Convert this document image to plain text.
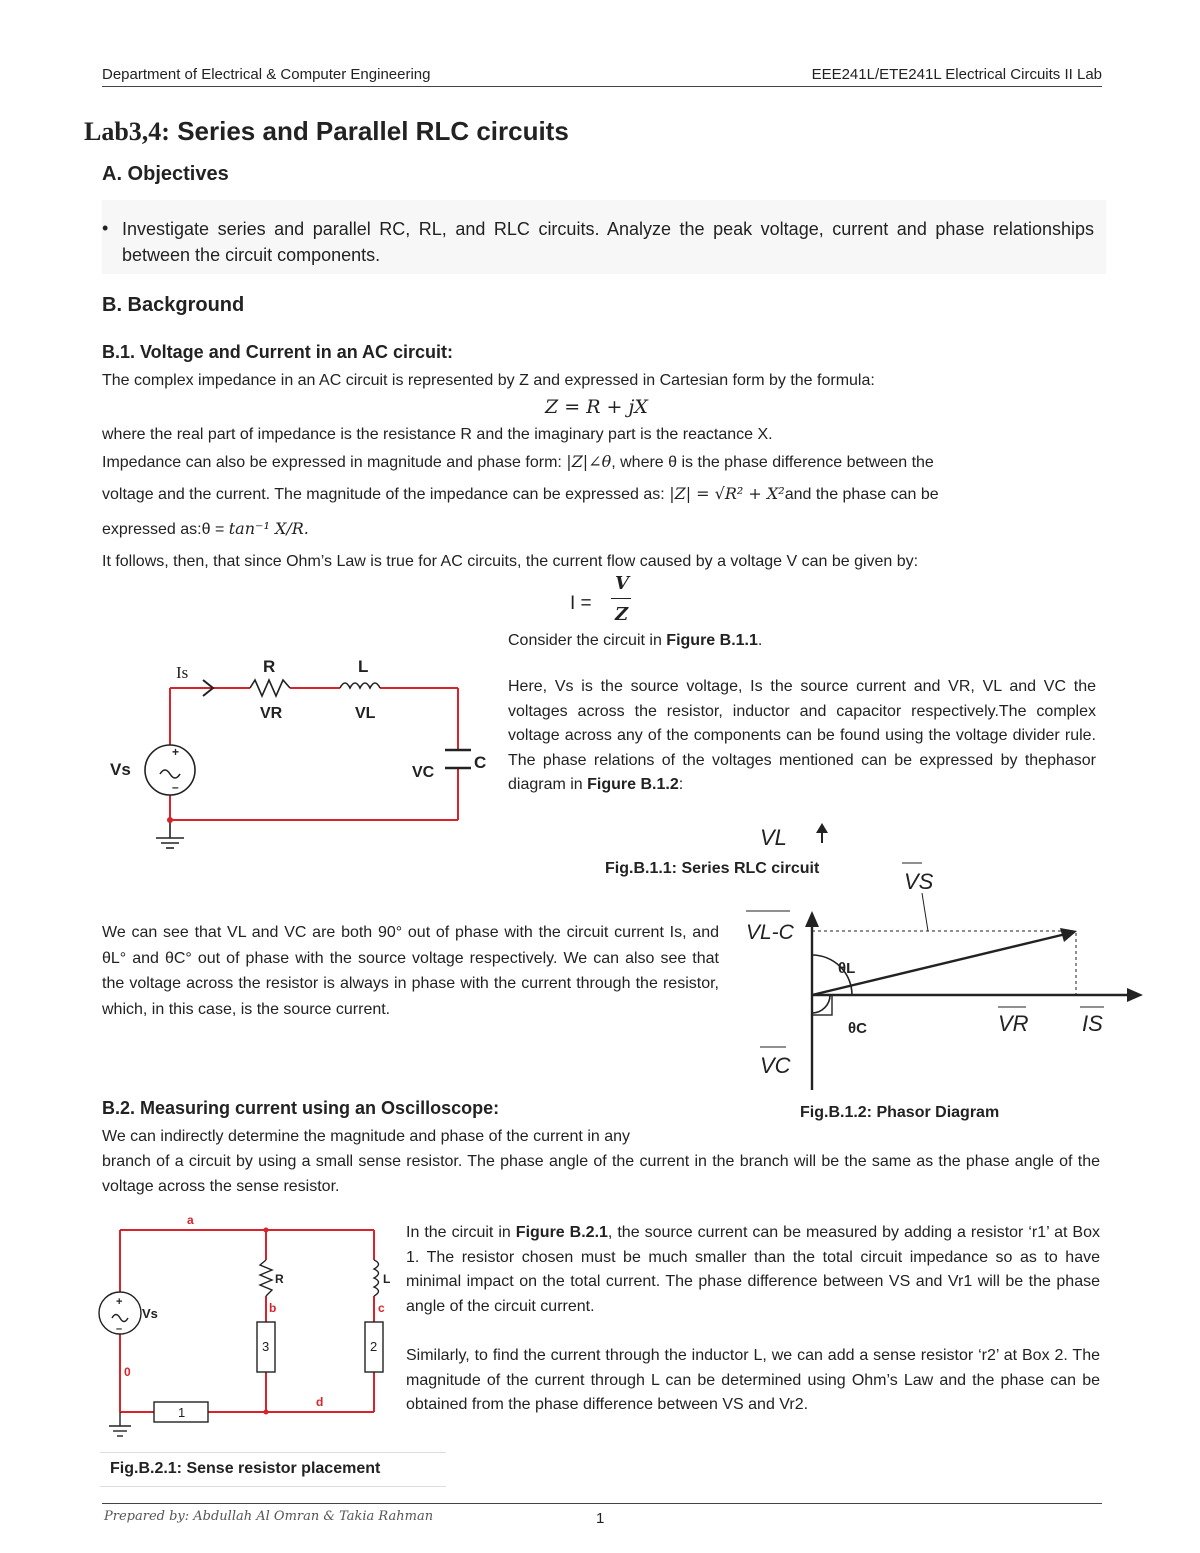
Department of Electrical & Computer Engineering	EEE241L/ETE241L Electrical Circuits II Lab
Lab3,4: Series and Parallel RLC circuits
A. Objectives
• Investigate series and parallel RC, RL, and RLC circuits. Analyze the peak voltage, current and phase relationships between the circuit components.
B. Background
B.1. Voltage and Current in an AC circuit:
The complex impedance in an AC circuit is represented by Z and expressed in Cartesian form by the formula:
Z = R + jX
where the real part of impedance is the resistance R and the imaginary part is the reactance X.
Impedance can also be expressed in magnitude and phase form: |Z|∠θ, where θ is the phase difference between the
voltage and the current. The magnitude of the impedance can be expressed as: |Z| = √R² + X²and the phase can be
expressed as:θ = tan⁻¹ X/R.
It follows, then, that since Ohm’s Law is true for AC circuits, the current flow caused by a voltage V can be given by:
I =
V
Z
Consider the circuit in Figure B.1.1.
Here, Vs is the source voltage, Is the source current and VR, VL and VC the voltages across the resistor, inductor and capacitor respectively.The complex voltage across any of the components can be found using the voltage divider rule. The phase relations of the voltages mentioned can be expressed by thephasor diagram in Figure B.1.2:
+
–
Is	R	L
VR	VL
Vs	VC
C
Fig.B.1.1: Series RLC circuit
VL
VS
VL-C
θL
θC	VR IS
VC
We can see that VL and VC are both 90° out of phase with the circuit current Is, and θL° and θC° out of phase with the source voltage respectively. We can also see that the voltage across the resistor is always in phase with the current through the resistor, which, in this case, is the source current.
Fig.B.1.2: Phasor Diagram
B.2. Measuring current using an Oscilloscope:
We can indirectly determine the magnitude and phase of the current in any
branch of a circuit by using a small sense resistor. The phase angle of the current in the branch will be the same as the phase angle of the voltage across the sense resistor.
+
–
a
b	c
d
0
R	L
Vs
1
3	2
Fig.B.2.1: Sense resistor placement
In the circuit in Figure B.2.1, the source current can be measured by adding a resistor ‘r1’ at Box 1. The resistor chosen must be much smaller than the total circuit impedance so as to have minimal impact on the total current. The phase difference between VS and Vr1 will be the phase angle of the circuit current.
Similarly, to find the current through the inductor L, we can add a sense resistor ‘r2’ at Box 2. The magnitude of the current through L can be determined using Ohm’s Law and the phase can be obtained from the phase difference between VS and Vr2.
Prepared by: Abdullah Al Omran & Takia Rahman	1
